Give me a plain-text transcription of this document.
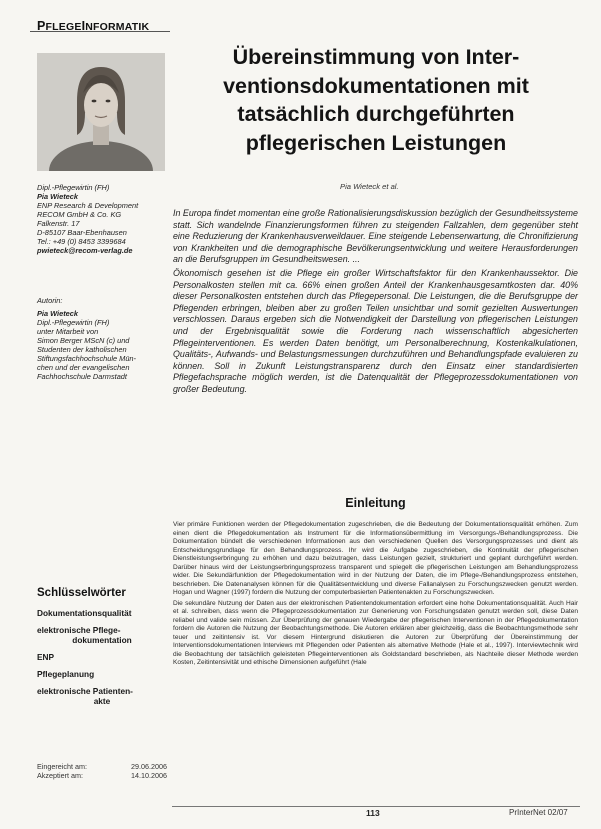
PFLEGEINFORMATIK
Dipl.-Pflegewirtin (FH)
Pia Wieteck
ENP Research & Development
RECOM GmbH & Co. KG
Falkenstr. 17
D-85107 Baar-Ebenhausen
Tel.: +49 (0) 8453 3399684
pwieteck@recom-verlag.de
Autorin:
Pia Wieteck
Dipl.-Pflegewirtin (FH)
unter Mitarbeit von
Simon Berger MScN (c) und
Studenten der katholischen
Stiftungsfachhochschule Mün-
chen und der evangelischen
Fachhochschule Darmstadt
Schlüsselwörter
Dokumentationsqualität
elektronische Pflege-
dokumentation
ENP
Pflegeplanung
elektronische Patienten-
akte
Eingereicht am:	29.06.2006
Akzeptiert am:	14.10.2006
Übereinstimmung von Inter-
ventionsdokumentationen mit
tatsächlich durchgeführten
pflegerischen Leistungen
Pia Wieteck et al.

In Europa findet momentan eine große Rationalisierungsdiskussion bezüglich der Gesundheitssysteme statt. Sich wandelnde Finanzierungsformen führen zu steigenden Fallzahlen, dem gegenüber steht eine Reduzierung der Krankenhausverweildauer. Eine steigende Lebenserwartung, die Chronifizierung von Krankheiten und die demographische Bevölkerungsentwicklung und weitere Herausforderungen an die Berufsgruppen im Gesundheitswesen. ...

Ökonomisch gesehen ist die Pflege ein großer Wirtschaftsfaktor für den Krankenhaussektor. Die Personalkosten stellen mit ca. 66% einen großen Anteil der Krankenhausgesamtkosten dar. 40% dieser Personalkosten entstehen durch das Pflegepersonal. Die Leistungen, die die Berufsgruppe der Pflegenden erbringen, bleiben aber zu großen Teilen unsichtbar und somit gezielten Auswertungen verschlossen. Daraus ergeben sich die Notwendigkeit der Darstellung von pflegerischen Leistungen und der Ergebnisqualität sowie die Forderung nach wissenschaftlich abgesicherten Pflegeinterventionen. Es werden Daten benötigt, um Personalberechnung, Kostenkalkulationen, Qualitäts-, Aufwands- und Belastungsmessungen durchzuführen und Behandlungspfade evaluieren zu können. Soll in Zukunft Leistungstransparenz durch den Einsatz einer standardisierten Pflegefachsprache möglich werden, ist die Datenqualität der Pflegeprozessdokumentationen von großer Bedeutung.

Einleitung

Vier primäre Funktionen werden der Pflegedokumentation zugeschrieben, die die Bedeutung der Dokumentationsqualität erhöhen. Zum einen dient die Pflegedokumentation als Instrument für die Informationsübermittlung im Versorgungs-/Behandlungsprozess. Die Dokumentation bündelt die verschiedenen Informationen aus den verschiedenen Quellen des Versorgungsprozesses und dient als Entscheidungsgrundlage für den Behandlungsprozess. Ihr wird die Aufgabe zugeschrieben, die Kontinuität der pflegerischen Dienstleistungserbringung zu erhöhen und dazu beizutragen, dass Leistungen gezielt, strukturiert und geplant durchgeführt werden. Darüber hinaus wird der Leistungserbringungsprozess transparent und spiegelt die pflegerischen Leistungen am Behandlungsprozess wider. Die Sekundärfunktion der Pflegedokumentation wird in der Nutzung der Daten, die im Pflege-/Behandlungsprozess entstehen, beschrieben. Die Datenanalysen können für die Qualitätsentwicklung und diverse Fallanalysen zu Forschungszwecken genutzt werden. Hogan und Wagner (1997) fordern die Nutzung der computerbasierten Patientenakten zu Forschungszwecken.

Die sekundäre Nutzung der Daten aus der elektronischen Patientendokumentation erfordert eine hohe Dokumentationsqualität. Auch Hair et al. schreiben, dass wenn die Pflegeprozessdokumentation zur Generierung von Forschungsdaten genutzt werden soll, diese Daten reliabel und valide sein müssen. Zur Überprüfung der genauen Wiedergabe der pflegerischen Interventionen in der Pflegedokumentation fordern die Autoren die Nutzung der Beobachtungsmethode. Die Autoren erklären aber gleichzeitig, dass die Beobachtungsmethode sehr teuer und zeitintensiv ist. Vor diesem Hintergrund diskutieren die Autoren zur Überprüfung der Übereinstimmung der Interventionsdokumentationen Interviews mit Pflegenden oder Patienten als alternative Methode (Hale et al., 1997). Interviewtechnik wird die Beobachtung der tatsächlich geleisteten Pflegeinterventionen als Goldstandard beschrieben, als Nachteile dieser Methode werden Kosten, Zeitintensivität und ethische Dimensionen aufgeführt (Hale

113	PrInterNet 02/07
